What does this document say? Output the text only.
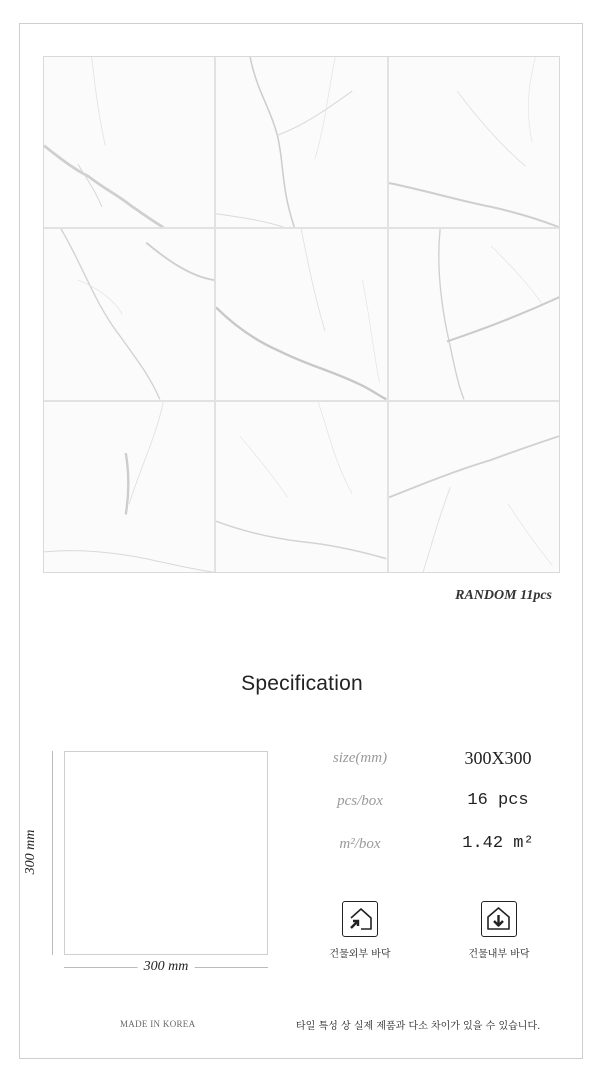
RANDOM 11pcs
Specification
300 mm
300 mm
size(mm)	300X300
pcs/box	16 pcs
m²/box	1.42 m²
건물외부 바닥	건물내부 바닥
MADE IN KOREA	타일 특성 상 실제 제품과 다소 차이가 있을 수 있습니다.
